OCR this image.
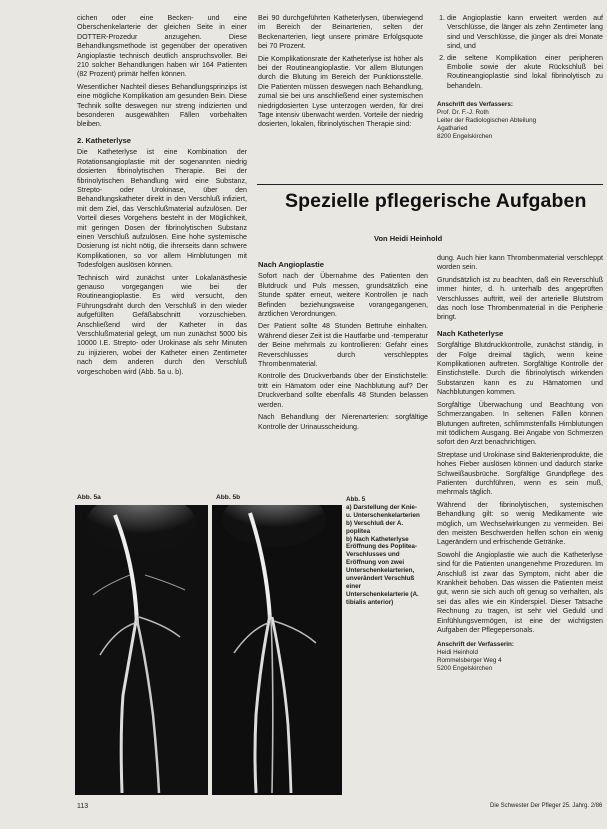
cichen oder eine Becken- und eine Oberschenkelarterie der gleichen Seite in einer DOTTER-Prozedur anzugehen. Diese Behandlungsmethode ist gegenüber der operativen Angioplastie technisch deutlich anspruchsvoller. Bei 210 solcher Behandlungen haben wir 164 Patienten (82 Prozent) primär helfen können.

Wesentlicher Nachteil dieses Behandlungsprinzips ist eine mögliche Komplikation am gesunden Bein. Diese Technik sollte deswegen nur streng indizierten und besonderen ausgewählten Fällen vorbehalten bleiben.

2. Katheterlyse

Die Katheterlyse ist eine Kombination der Rotationsangioplastie mit der sogenannten niedrig dosierten fibrinolytischen Therapie. Bei der fibrinolytischen Behandlung wird eine Substanz, Strepto- oder Urokinase, über den Behandlungskatheter direkt in den Verschluß infiziert, mit dem Ziel, das Verschlußmaterial aufzulösen. Der Vorteil dieses Vorgehens besteht in der Möglichkeit, mit geringen Dosen der fibrinolytischen Substanz einen Verschluß aufzulösen. Eine hohe systemische Dosierung ist nicht nötig, die ihrerseits dann schwere Komplikationen, so vor allem Hirnblutungen mit Todesfolgen auslösen können.

Technisch wird zunächst unter Lokalanästhesie genauso vorgegangen wie bei der Routineangioplastie. Es wird versucht, den Führungsdraht durch den Verschluß in den wieder aufgefüllten Gefäßabschnitt vorzuschieben. Anschließend wird der Katheter in das Verschlußmaterial gelegt, um nun zunächst 5000 bis 10000 I.E. Strepto- oder Urokinase als sehr Minuten zu injizieren, wobei der Katheter einen Zentimeter nach dem anderen durch den Verschluß vorgeschoben wird (Abb. 5a u. b).

Bei 90 durchgeführten Katheterlysen, überwiegend im Bereich der Beinarterien, selten der Beckenarterien, liegt unsere primäre Erfolgsquote bei 70 Prozent.

Die Komplikationsrate der Katheterlyse ist höher als bei der Routineangioplastie. Vor allem Blutungen durch die Blutung im Bereich der Punktionsstelle. Die Patienten müssen deswegen nach Behandlung, zumal sie bei uns anschließend einer systemischen niedrigdosierten Lyse unterzogen werden, für drei Tage intensiv überwacht werden. Vorteile der niedrig dosierten, lokalen, fibrinolytischen Therapie sind:

1. die Angioplastie kann erweitert werden auf Verschlüsse, die länger als zehn Zentimeter lang sind und Verschlüsse, die jünger als drei Monate sind, und
2. die seltene Komplikation einer peripheren Embolie sowie der akute Rückschluß bei Routineangioplastie sind lokal fibrinolytisch zu behandeln.
Anschrift des Verfassers:
Prof. Dr. F.-J. Roth
Leiter der Radiologischen Abteilung
Agatharied
8200 Engelskirchen
Spezielle pflegerische Aufgaben
Von Heidi Heinhold
Nach Angioplastie

Sofort nach der Übernahme des Patienten den Blutdruck und Puls messen, grundsätzlich eine Stunde später erneut, weitere Kontrollen je nach Befinden beziehungsweise vorangegangenen, ärztlichen Verordnungen.

Der Patient sollte 48 Stunden Bettruhe einhalten. Während dieser Zeit ist die Hautfarbe und -temperatur der Beine mehrmals zu kontrollieren: Gefahr eines Reverschlusses durch verschlepptes Thrombenmaterial.

Kontrolle des Druckverbands über der Einstichstelle: tritt ein Hämatom oder eine Nachblutung auf? Der Druckverband sollte ebenfalls 48 Stunden belassen werden.

Nach Behandlung der Nierenarterien: sorgfältige Kontrolle der Urinausscheidung.

dung. Auch hier kann Thrombenmaterial verschleppt worden sein.

Grundsätzlich ist zu beachten, daß ein Reverschluß immer hinter, d. h. unterhalb des angeprüften Verschlusses auftritt, weil der arterielle Blutstrom das noch lose Thrombenmaterial in die Peripherie bringt.

Nach Katheterlyse

Sorgfältige Blutdruckkontrolle, zunächst ständig, in der Folge dreimal täglich, wenn keine Komplikationen auftreten. Sorgfältige Kontrolle der Einstichstelle. Durch die fibrinolytisch wirkenden Substanzen kann es zu Hämatomen und Nachblutungen kommen.

Sorgfältige Überwachung und Beachtung von Schmerzangaben. In seltenen Fällen können Blutungen auftreten, schlimmstenfalls Hirnblutungen mit tödlichem Ausgang. Bei Angabe von Schmerzen sofort den Arzt benachrichtigen.

Streptase und Urokinase sind Bakterienprodukte, die hohes Fieber auslösen können und dadurch starke Schweißausbrüche. Sorgfältige Grundpflege des Patienten durchführen, wenn es sein muß, mehrmals täglich.

Während der fibrinolytischen, systemischen Behandlung gilt: so wenig Medikamente wie möglich, um Wechselwirkungen zu vermeiden. Bei den meisten Beschwerden helfen schon ein wenig Lagerändern und erfrischende Getränke.

Sowohl die Angioplastie wie auch die Katheterlyse sind für die Patienten unangenehme Prozeduren. Im Anschluß ist zwar das Symptom, nicht aber die Krankheit behoben. Das wissen die Patienten meist gut, wenn sie sich auch oft genug so verhalten, als sei das alles wie ein Kinderspiel. Dieser Tatsache Rechnung zu tragen, ist sehr viel Geduld und Einfühlungsvermögen, ist eine der wichtigsten Aufgaben der Pflegepersonals.

Anschrift der Verfasserin:
Heidi Heinhold
Rommelsberger Weg 4
5200 Engelskirchen
Abb. 5a	Abb. 5b	Abb. 5
a) Darstellung der Knie- u. Unterschenkelarterien
b) Verschluß der A. poplitea
b) Nach Katheterlyse Eröffnung des Poplitea-Verschlusses und Eröffnung von zwei Unterschenkelarterien, unverändert Verschluß einer Unterschenkelarterie (A. tibialis anterior)
113	Die Schwester Der Pfleger 25. Jahrg. 2/86
